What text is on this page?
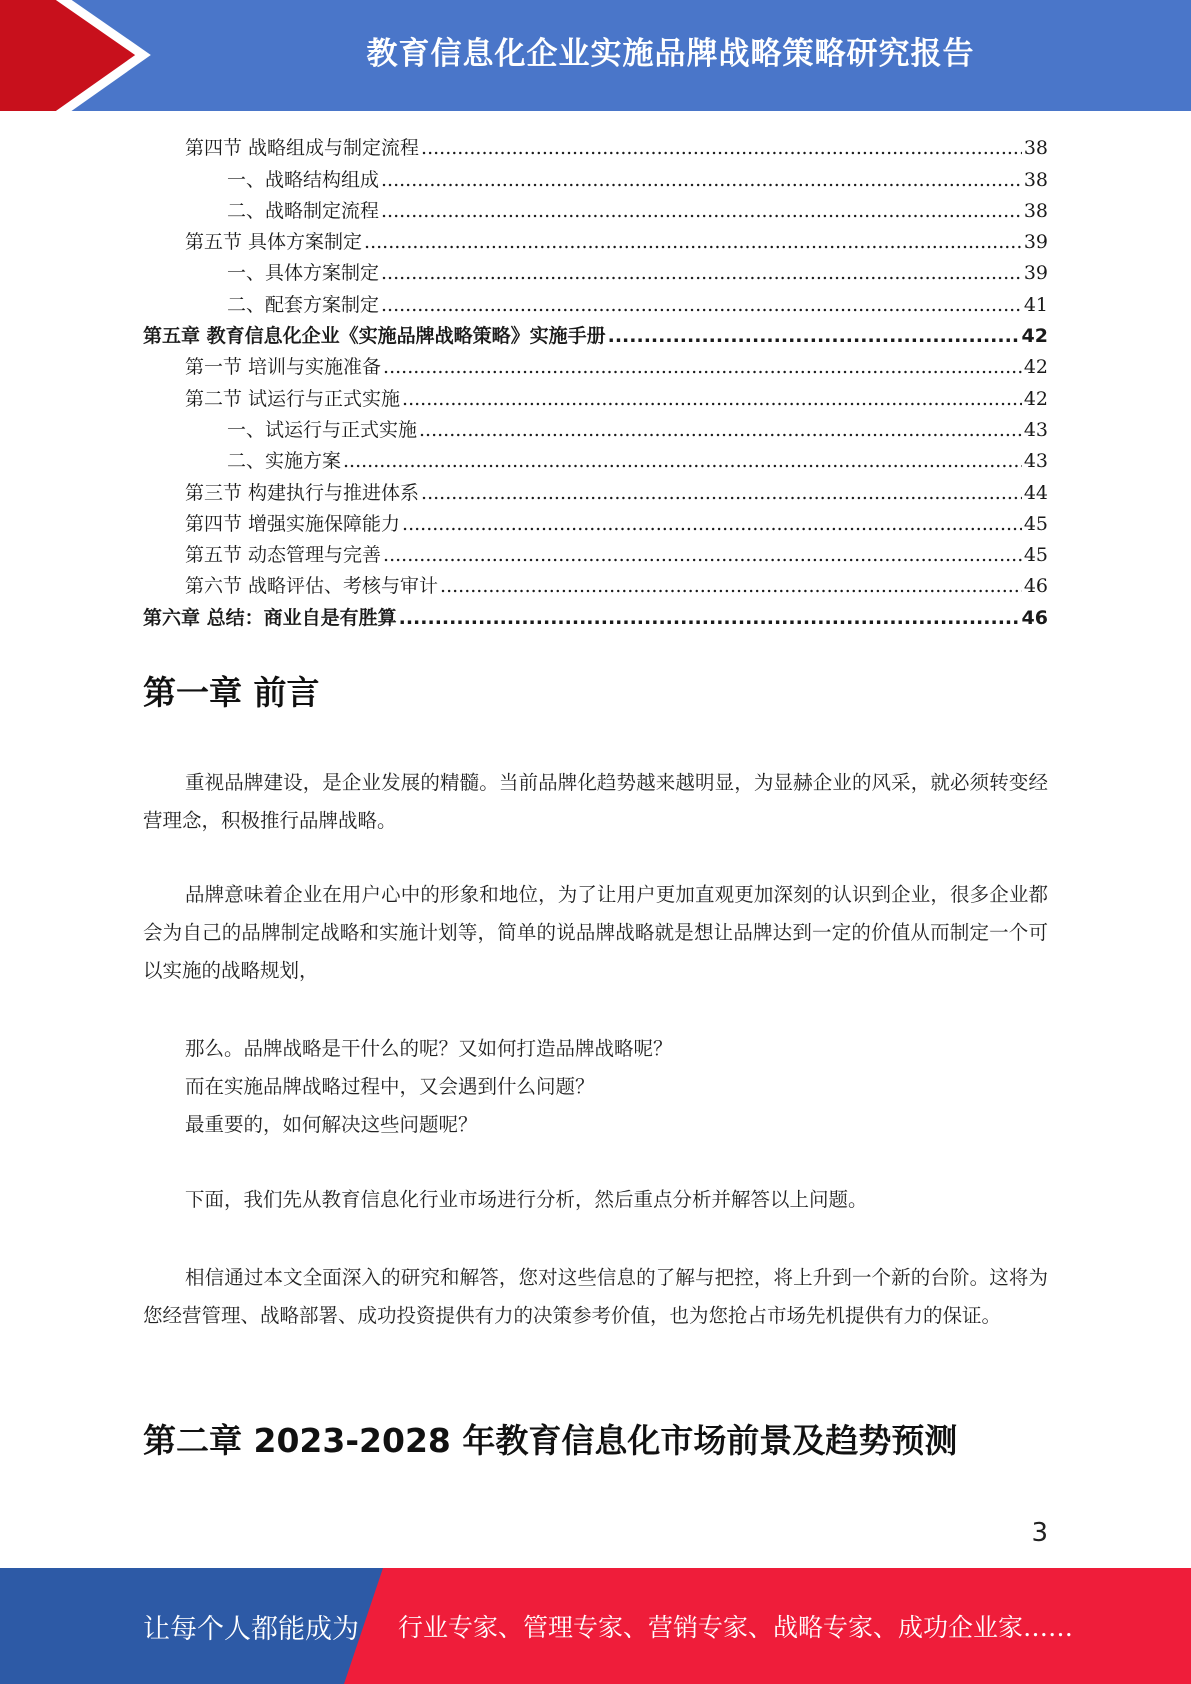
教育信息化企业实施品牌战略策略研究报告
第四节 战略组成与制定流程 .....	38
一、战略结构组成 .....	38
二、战略制定流程 .....	38
第五节 具体方案制定 .....	39
一、具体方案制定 .....	39
二、配套方案制定 .....	41
第五章 教育信息化企业《实施品牌战略策略》实施手册 .....	42
第一节 培训与实施准备 .....	42
第二节 试运行与正式实施 .....	42
一、试运行与正式实施 .....	43
二、实施方案 .....	43
第三节 构建执行与推进体系 .....	44
第四节 增强实施保障能力 .....	45
第五节 动态管理与完善 .....	45
第六节 战略评估、考核与审计 .....	46
第六章 总结：商业自是有胜算 .....	46
第一章 前言
重视品牌建设，是企业发展的精髓。当前品牌化趋势越来越明显，为显赫企业的风采，就必须转变经营理念，积极推行品牌战略。
品牌意味着企业在用户心中的形象和地位，为了让用户更加直观更加深刻的认识到企业，很多企业都会为自己的品牌制定战略和实施计划等，简单的说品牌战略就是想让品牌达到一定的价值从而制定一个可以实施的战略规划，
那么。品牌战略是干什么的呢？又如何打造品牌战略呢？
而在实施品牌战略过程中，又会遇到什么问题？
最重要的，如何解决这些问题呢？
下面，我们先从教育信息化行业市场进行分析，然后重点分析并解答以上问题。
相信通过本文全面深入的研究和解答，您对这些信息的了解与把控，将上升到一个新的台阶。这将为您经营管理、战略部署、成功投资提供有力的决策参考价值，也为您抢占市场先机提供有力的保证。
第二章 2023-2028 年教育信息化市场前景及趋势预测
3
让每个人都能成为 行业专家、管理专家、营销专家、战略专家、成功企业家……
